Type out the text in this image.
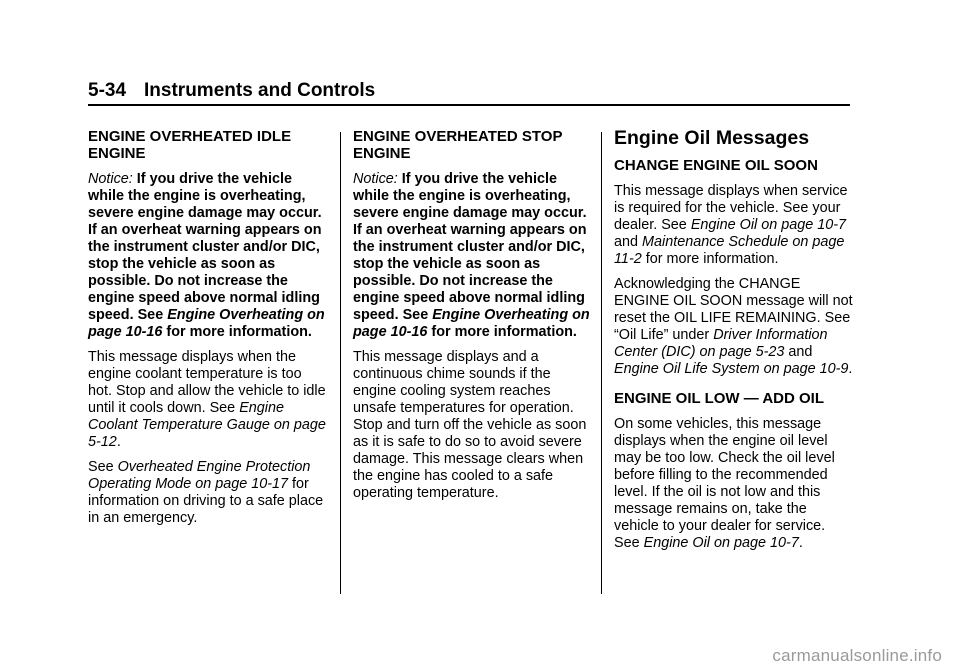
5-34 Instruments and Controls
ENGINE OVERHEATED IDLE ENGINE

Notice: If you drive the vehicle while the engine is overheating, severe engine damage may occur. If an overheat warning appears on the instrument cluster and/or DIC, stop the vehicle as soon as possible. Do not increase the engine speed above normal idling speed. See Engine Overheating on page 10-16 for more information.

This message displays when the engine coolant temperature is too hot. Stop and allow the vehicle to idle until it cools down. See Engine Coolant Temperature Gauge on page 5-12.

See Overheated Engine Protection Operating Mode on page 10-17 for information on driving to a safe place in an emergency.

ENGINE OVERHEATED STOP ENGINE

Notice: If you drive the vehicle while the engine is overheating, severe engine damage may occur. If an overheat warning appears on the instrument cluster and/or DIC, stop the vehicle as soon as possible. Do not increase the engine speed above normal idling speed. See Engine Overheating on page 10-16 for more information.

This message displays and a continuous chime sounds if the engine cooling system reaches unsafe temperatures for operation. Stop and turn off the vehicle as soon as it is safe to do so to avoid severe damage. This message clears when the engine has cooled to a safe operating temperature.

Engine Oil Messages
CHANGE ENGINE OIL SOON

This message displays when service is required for the vehicle. See your dealer. See Engine Oil on page 10-7 and Maintenance Schedule on page 11-2 for more information.

Acknowledging the CHANGE ENGINE OIL SOON message will not reset the OIL LIFE REMAINING. See “Oil Life” under Driver Information Center (DIC) on page 5-23 and Engine Oil Life System on page 10-9.

ENGINE OIL LOW — ADD OIL

On some vehicles, this message displays when the engine oil level may be too low. Check the oil level before filling to the recommended level. If the oil is not low and this message remains on, take the vehicle to your dealer for service. See Engine Oil on page 10-7.

carmanualsonline.info
